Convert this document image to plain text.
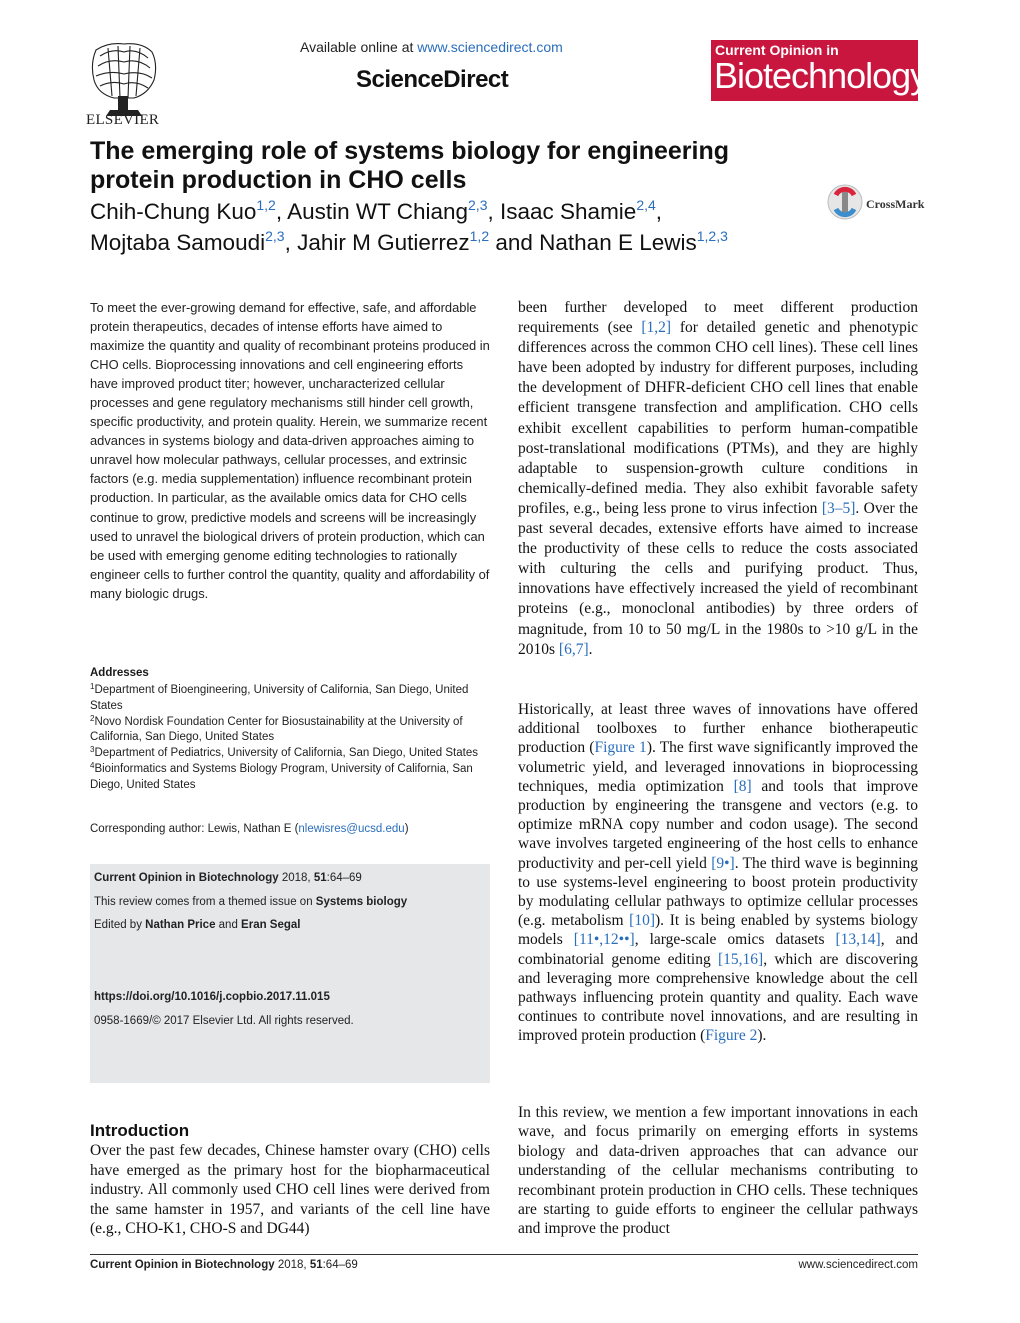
ELSEVIER
Available online at www.sciencedirect.com
ScienceDirect
Current Opinion in
Biotechnology
The emerging role of systems biology for engineering protein production in CHO cells
Chih-Chung Kuo$^{1,2}$, Austin WT Chiang$^{2,3}$, Isaac Shamie$^{2,4}$,
Mojtaba Samoudi$^{2,3}$, Jahir M Gutierrez$^{1,2}$ and Nathan E Lewis$^{1,2,3}$
CrossMark

To meet the ever-growing demand for effective, safe, and affordable protein therapeutics, decades of intense efforts have aimed to maximize the quantity and quality of recombinant proteins produced in CHO cells. Bioprocessing innovations and cell engineering efforts have improved product titer; however, uncharacterized cellular processes and gene regulatory mechanisms still hinder cell growth, specific productivity, and protein quality. Herein, we summarize recent advances in systems biology and data-driven approaches aiming to unravel how molecular pathways, cellular processes, and extrinsic factors (e.g. media supplementation) influence recombinant protein production. In particular, as the available omics data for CHO cells continue to grow, predictive models and screens will be increasingly used to unravel the biological drivers of protein production, which can be used with emerging genome editing technologies to rationally engineer cells to further control the quantity, quality and affordability of many biologic drugs.

Addresses
$^1$Department of Bioengineering, University of California, San Diego, United States
$^2$Novo Nordisk Foundation Center for Biosustainability at the University of California, San Diego, United States
$^3$Department of Pediatrics, University of California, San Diego, United States
$^4$Bioinformatics and Systems Biology Program, University of California, San Diego, United States
Corresponding author: Lewis, Nathan E (nlewisres@ucsd.edu)
Current Opinion in Biotechnology 2018, 51:64–69
This review comes from a themed issue on Systems biology
Edited by Nathan Price and Eran Segal
https://doi.org/10.1016/j.copbio.2017.11.015
0958-1669/© 2017 Elsevier Ltd. All rights reserved.
Introduction

Over the past few decades, Chinese hamster ovary (CHO) cells have emerged as the primary host for the biopharmaceutical industry. All commonly used CHO cell lines were derived from the same hamster in 1957, and variants of the cell line have (e.g., CHO-K1, CHO-S and DG44)

been further developed to meet different production requirements (see [1,2] for detailed genetic and phenotypic differences across the common CHO cell lines). These cell lines have been adopted by industry for different purposes, including the development of DHFR-deficient CHO cell lines that enable efficient transgene transfection and amplification. CHO cells exhibit excellent capabilities to perform human-compatible post-translational modifications (PTMs), and they are highly adaptable to suspension-growth culture conditions in chemically-defined media. They also exhibit favorable safety profiles, e.g., being less prone to virus infection [3–5]. Over the past several decades, extensive efforts have aimed to increase the productivity of these cells to reduce the costs associated with culturing the cells and purifying product. Thus, innovations have effectively increased the yield of recombinant proteins (e.g., monoclonal antibodies) by three orders of magnitude, from 10 to 50 mg/L in the 1980s to >10 g/L in the 2010s [6,7].

Historically, at least three waves of innovations have offered additional toolboxes to further enhance biotherapeutic production (Figure 1). The first wave significantly improved the volumetric yield, and leveraged innovations in bioprocessing techniques, media optimization [8] and tools that improve production by engineering the transgene and vectors (e.g. to optimize mRNA copy number and codon usage). The second wave involves targeted engineering of the host cells to enhance productivity and per-cell yield [9•]. The third wave is beginning to use systems-level engineering to boost protein productivity by modulating cellular pathways to optimize cellular processes (e.g. metabolism [10]). It is being enabled by systems biology models [11•,12••], large-scale omics datasets [13,14], and combinatorial genome editing [15,16], which are discovering and leveraging more comprehensive knowledge about the cell pathways influencing protein quantity and quality. Each wave continues to contribute novel innovations, and are resulting in improved protein production (Figure 2).

In this review, we mention a few important innovations in each wave, and focus primarily on emerging efforts in systems biology and data-driven approaches that can advance our understanding of the cellular mechanisms contributing to recombinant protein production in CHO cells. These techniques are starting to guide efforts to engineer the cellular pathways and improve the product

Current Opinion in Biotechnology 2018, 51:64–69	www.sciencedirect.com
